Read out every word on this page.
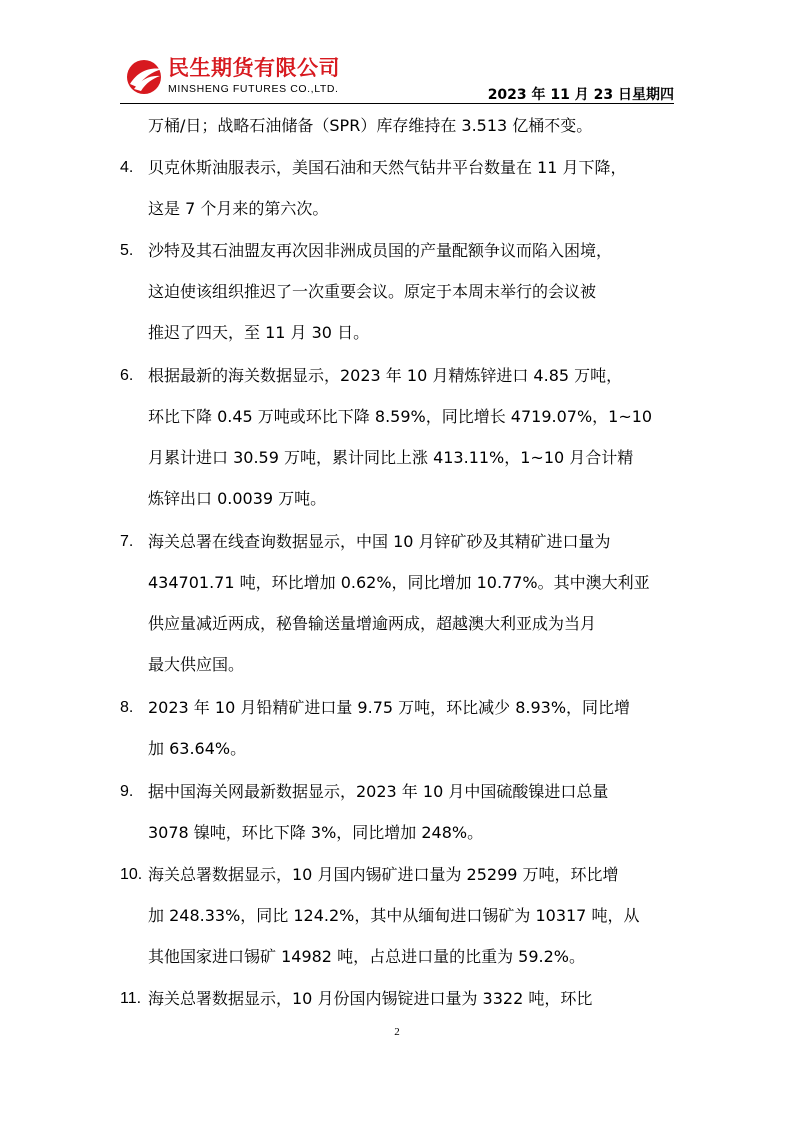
民生期货有限公司
MINSHENG FUTURES CO.,LTD.	2023 年 11 月 23 日星期四
万桶/日；战略石油储备（SPR）库存维持在 3.513 亿桶不变。
4. 贝克休斯油服表示，美国石油和天然气钻井平台数量在 11 月下降，
这是 7 个月来的第六次。
5. 沙特及其石油盟友再次因非洲成员国的产量配额争议而陷入困境，
这迫使该组织推迟了一次重要会议。原定于本周末举行的会议被
推迟了四天，至 11 月 30 日。
6. 根据最新的海关数据显示，2023 年 10 月精炼锌进口 4.85 万吨，
环比下降 0.45 万吨或环比下降 8.59%，同比增长 4719.07%，1~10
月累计进口 30.59 万吨，累计同比上涨 413.11%，1~10 月合计精
炼锌出口 0.0039 万吨。
7. 海关总署在线查询数据显示，中国 10 月锌矿砂及其精矿进口量为
434701.71 吨，环比增加 0.62%，同比增加 10.77%。其中澳大利亚
供应量减近两成，秘鲁输送量增逾两成，超越澳大利亚成为当月
最大供应国。
8. 2023 年 10 月铅精矿进口量 9.75 万吨，环比减少 8.93%，同比增
加 63.64%。
9. 据中国海关网最新数据显示，2023 年 10 月中国硫酸镍进口总量
3078 镍吨，环比下降 3%，同比增加 248%。
10. 海关总署数据显示，10 月国内锡矿进口量为 25299 万吨，环比增
加 248.33%，同比 124.2%，其中从缅甸进口锡矿为 10317 吨，从
其他国家进口锡矿 14982 吨，占总进口量的比重为 59.2%。
11. 海关总署数据显示，10 月份国内锡锭进口量为 3322 吨，环比
2
